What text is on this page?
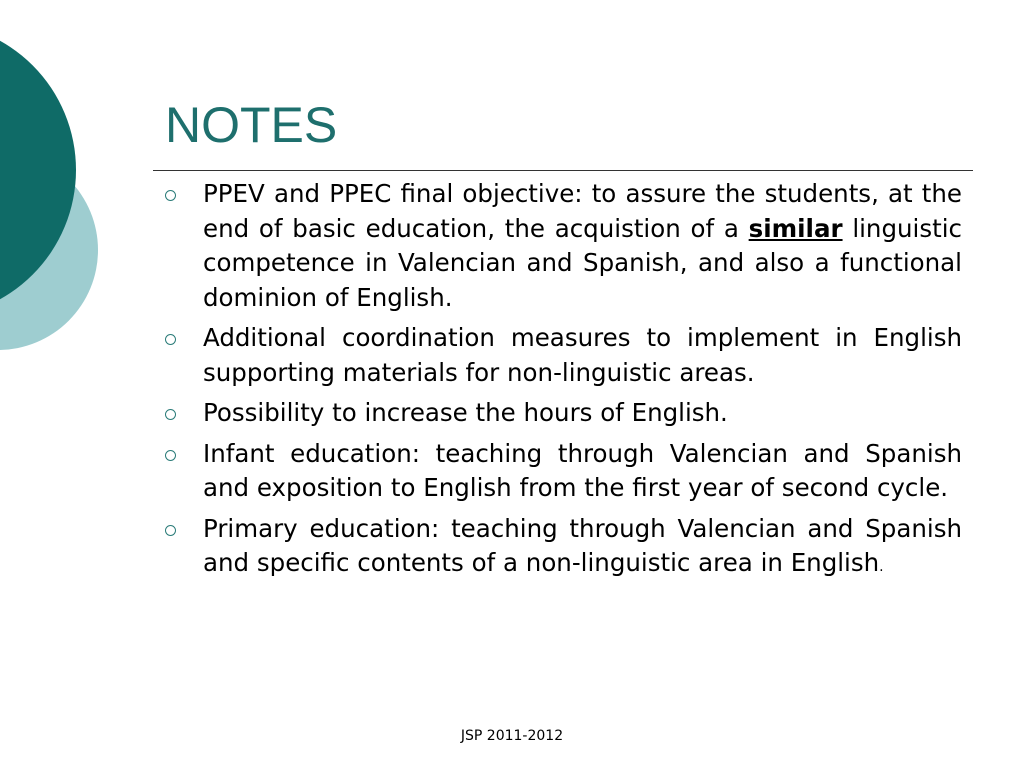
NOTES
PPEV and PPEC final objective: to assure the students, at the end of basic education, the acquistion of a similar linguistic competence in Valencian and Spanish, and also a functional dominion of English.
Additional coordination measures to implement in English supporting materials for non-linguistic areas.
Possibility to increase the hours of English.
Infant education: teaching through Valencian and Spanish and exposition to English from the first year of second cycle.
Primary education: teaching through Valencian and Spanish and specific contents of a non-linguistic area in English.
JSP 2011-2012
